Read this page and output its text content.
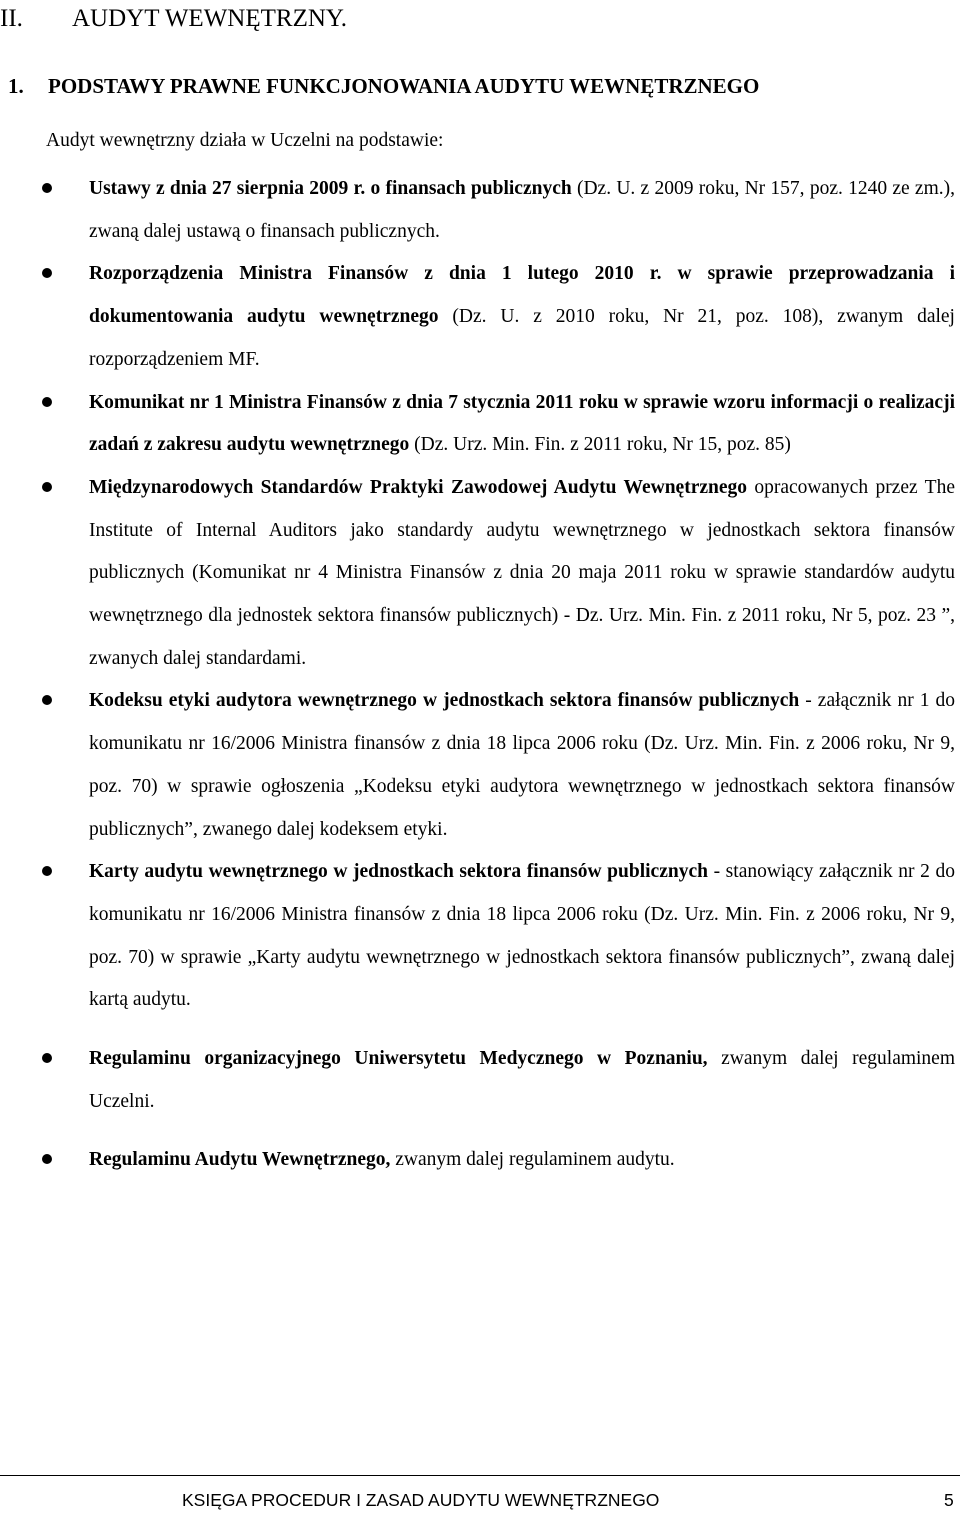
II. AUDYT WEWNĘTRZNY.
1. PODSTAWY PRAWNE FUNKCJONOWANIA AUDYTU WEWNĘTRZNEGO

Audyt wewnętrzny działa w Uczelni na podstawie:

Ustawy z dnia 27 sierpnia 2009 r. o finansach publicznych (Dz. U. z 2009 roku, Nr 157, poz. 1240 ze zm.), zwaną dalej ustawą o finansach publicznych.
Rozporządzenia Ministra Finansów z dnia 1 lutego 2010 r. w sprawie przeprowadzania i dokumentowania audytu wewnętrznego (Dz. U. z 2010 roku, Nr 21, poz. 108), zwanym dalej rozporządzeniem MF.
Komunikat nr 1 Ministra Finansów z dnia 7 stycznia 2011 roku w sprawie wzoru informacji o realizacji zadań z zakresu audytu wewnętrznego (Dz. Urz. Min. Fin. z 2011 roku, Nr 15, poz. 85)
Międzynarodowych Standardów Praktyki Zawodowej Audytu Wewnętrznego opracowanych przez The Institute of Internal Auditors jako standardy audytu wewnętrznego w jednostkach sektora finansów publicznych (Komunikat nr 4 Ministra Finansów z dnia 20 maja 2011 roku w sprawie standardów audytu wewnętrznego dla jednostek sektora finansów publicznych) - Dz. Urz. Min. Fin. z 2011 roku, Nr 5, poz. 23 ”, zwanych dalej standardami.
Kodeksu etyki audytora wewnętrznego w jednostkach sektora finansów publicznych - załącznik nr 1 do komunikatu nr 16/2006 Ministra finansów z dnia 18 lipca 2006 roku (Dz. Urz. Min. Fin. z 2006 roku, Nr 9, poz. 70) w sprawie ogłoszenia „Kodeksu etyki audytora wewnętrznego w jednostkach sektora finansów publicznych”, zwanego dalej kodeksem etyki.
Karty audytu wewnętrznego w jednostkach sektora finansów publicznych - stanowiący załącznik nr 2 do komunikatu nr 16/2006 Ministra finansów z dnia 18 lipca 2006 roku (Dz. Urz. Min. Fin. z 2006 roku, Nr 9, poz. 70) w sprawie „Karty audytu wewnętrznego w jednostkach sektora finansów publicznych”, zwaną dalej kartą audytu.
Regulaminu organizacyjnego Uniwersytetu Medycznego w Poznaniu, zwanym dalej regulaminem Uczelni.
Regulaminu Audytu Wewnętrznego, zwanym dalej regulaminem audytu.
KSIĘGA PROCEDUR I ZASAD AUDYTU WEWNĘTRZNEGO	5
